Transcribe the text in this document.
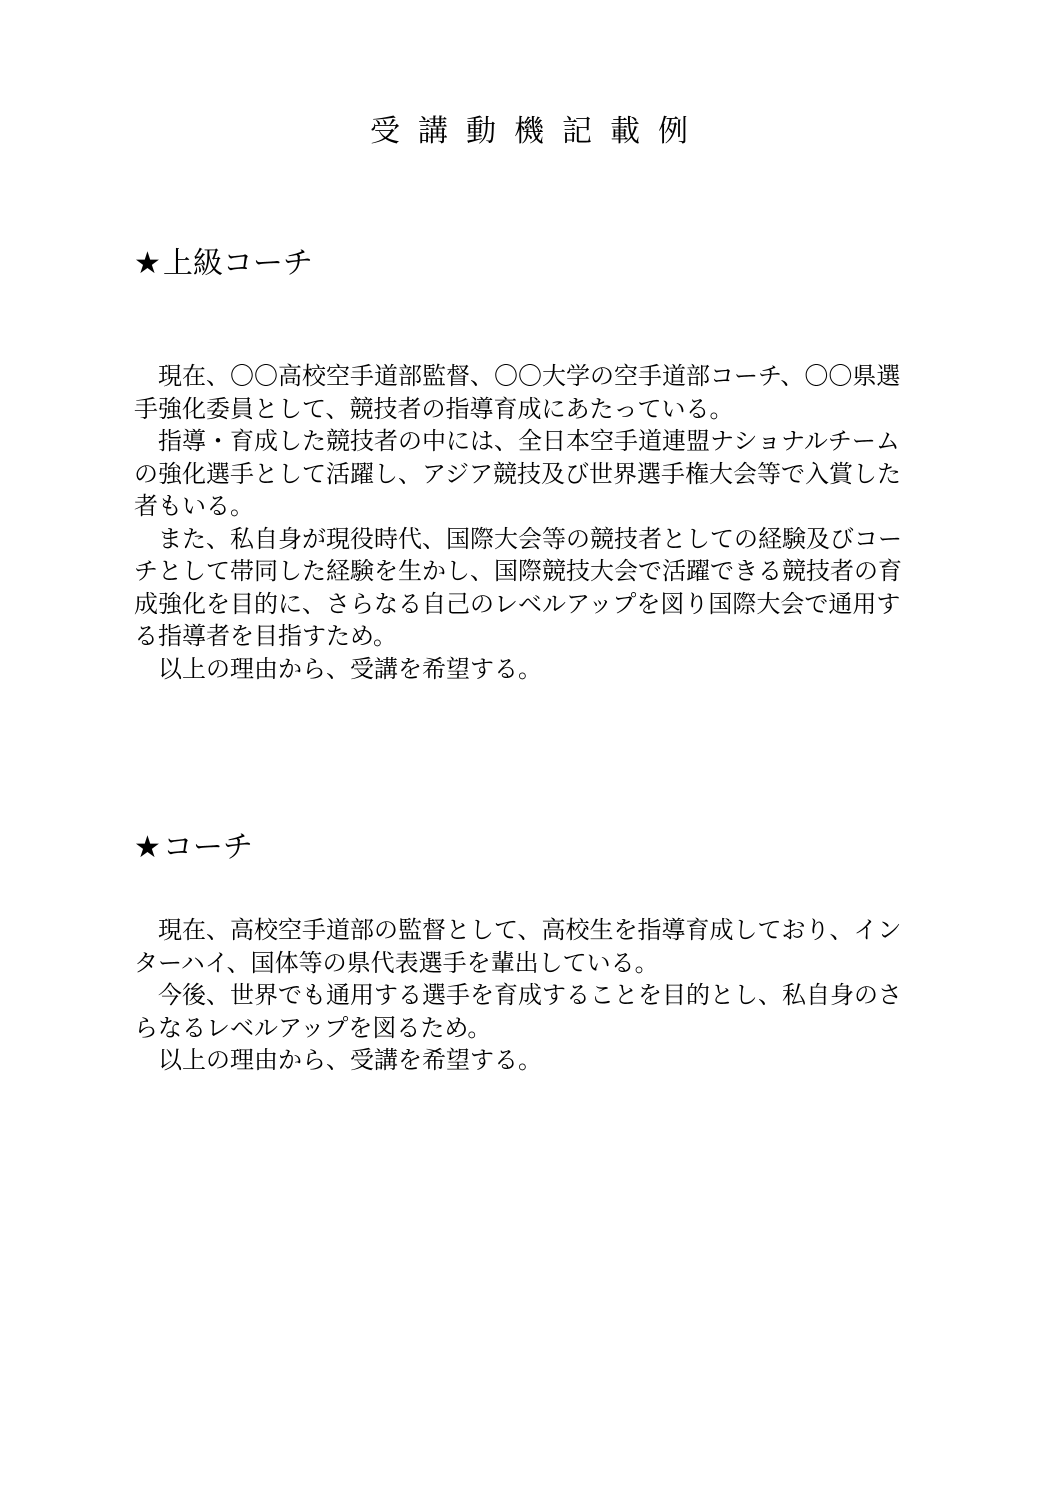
受講動機記載例
★上級コーチ

現在、〇〇高校空手道部監督、〇〇大学の空手道部コーチ、〇〇県選手強化委員として、競技者の指導育成にあたっている。

指導・育成した競技者の中には、全日本空手道連盟ナショナルチームの強化選手として活躍し、アジア競技及び世界選手権大会等で入賞した者もいる。

また、私自身が現役時代、国際大会等の競技者としての経験及びコーチとして帯同した経験を生かし、国際競技大会で活躍できる競技者の育成強化を目的に、さらなる自己のレベルアップを図り国際大会で通用する指導者を目指すため。

以上の理由から、受講を希望する。

★コーチ

現在、高校空手道部の監督として、高校生を指導育成しており、インターハイ、国体等の県代表選手を輩出している。

今後、世界でも通用する選手を育成することを目的とし、私自身のさらなるレベルアップを図るため。

以上の理由から、受講を希望する。
